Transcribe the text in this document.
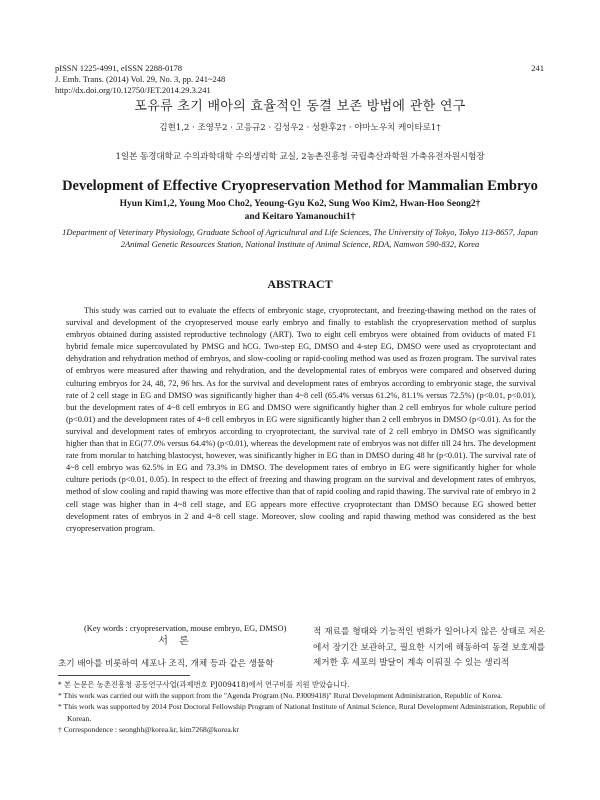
pISSN 1225-4991, eISSN 2288-0178
J. Emb. Trans. (2014) Vol. 29, No. 3, pp. 241~248
http://dx.doi.org/10.12750/JET.2014.29.3.241
241
포유류 초기 배아의 효율적인 동결 보존 방법에 관한 연구
김현1,2 · 조영무2 · 고응규2 · 김성우2 · 성환후2† · 야마노우치 케이타로1†
1일본 동경대학교 수의과학대학 수의생리학 교실, 2농촌진흥청 국립축산과학원 가축유전자원시험장
Development of Effective Cryopreservation Method for Mammalian Embryo
Hyun Kim1,2, Young Moo Cho2, Yeoung-Gyu Ko2, Sung Woo Kim2, Hwan-Hoo Seong2†
and Keitaro Yamanouchi1†
1Department of Veterinary Physiology, Graduate School of Agricultural and Life Sciences, The University of Tokyo, Tokyo 113-8657, Japan
2Animal Genetic Resources Station, National Institute of Animal Science, RDA, Namwon 590-832, Korea
ABSTRACT

This study was carried out to evaluate the effects of embryonic stage, cryoprotectant, and freezing-thawing method on the rates of survival and development of the cryopreserved mouse early embryo and finally to establish the cryopreservation method of surplus embryos obtained during assisted reproductive technology (ART). Two to eight cell embryos were obtained from oviducts of mated F1 hybrid female mice supercovulated by PMSG and hCG. Two-step EG, DMSO and 4-step EG, DMSO were used as cryoprotectant and dehydration and rehydration method of embryos, and slow-cooling or rapid-cooling method was used as frozen program. The survival rates of embryos were measured after thawing and rehydration, and the developmental rates of embryos were compared and observed during culturing embryos for 24, 48, 72, 96 hrs. As for the survival and development rates of embryos according to embryonic stage, the survival rate of 2 cell stage in EG and DMSO was significantly higher than 4~8 cell (65.4% versus 61.2%, 81.1% versus 72.5%) (p<0.01, p<0.01), but the development rates of 4~8 cell embryos in EG and DMSO were significantly higher than 2 cell embryos for whole culture period (p<0.01) and the development rates of 4~8 cell embryos in EG were significantly higher than 2 cell embryos in DMSO (p<0.01). As for the survival and development rates of embryos according to cryoprotectant, the survival rate of 2 cell embryo in DMSO was significantly higher than that in EG(77.0% versus 64.4%) (p<0.01), whereas the development rate of embryos was not differ till 24 hrs. The development rate from morular to hatching blastocyst, however, was sinificantly higher in EG than in DMSO during 48 hr (p<0.01). The survival rate of 4~8 cell embryo was 62.5% in EG and 73.3% in DMSO. The development rates of embryo in EG were significantly higher for whole culture periods (p<0.01, 0.05). In respect to the effect of freezing and thawing program on the survival and development rates of embryos, method of slow cooling and rapid thawing was more effective than that of rapid cooling and rapid thawing. The survival rate of embryo in 2 cell stage was higher than in 4~8 cell stage, and EG appears more effective cryoprotectant than DMSO because EG showed better development rates of embryos in 2 and 4~8 cell stage. Moreover, slow cooling and rapid thawing method was considered as the best cryopreservation program.

(Key words : cryopreservation, mouse embryo, EG, DMSO)
서 론
초기 배아를 비롯하여 세포나 조직, 개체 등과 같은 생물학
적 재료를 형태와 기능적인 변화가 일어나지 않은 상태로 저온에서 장기간 보관하고, 필요한 시기에 해동하여 동결 보호제를 제거한 후 세포의 발달이 계속 이뤄질 수 있는 생리적
* 본 논문은 농촌진흥청 공동연구사업(과제번호 PJ009418)에서 연구비를 지원 받았습니다.
* This work was carried out with the support from the "Agenda Program (No. PJ009418)" Rural Development Administration, Republic of Korea.
* This work was supported by 2014 Post Doctoral Fellowship Program of National Institute of Animal Science, Rural Development Administration, Republic of Korean.
† Correspondence : seonghh@korea.kr, kim7268@korea.kr
